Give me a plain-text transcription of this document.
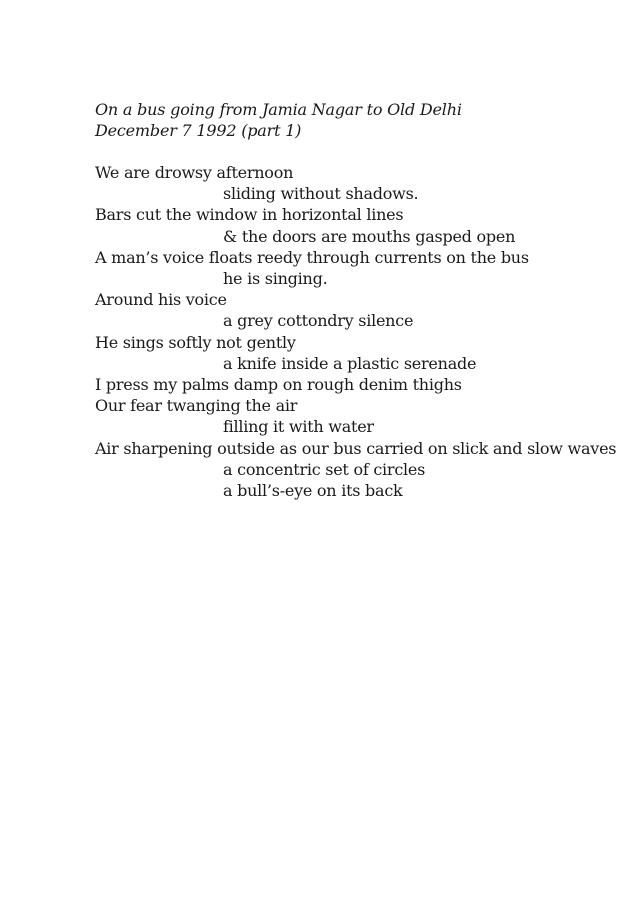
On a bus going from Jamia Nagar to Old Delhi
December 7 1992 (part 1)
We are drowsy afternoon
sliding without shadows.
Bars cut the window in horizontal lines
& the doors are mouths gasped open
A man’s voice floats reedy through currents on the bus
he is singing.
Around his voice
a grey cottondry silence
He sings softly not gently
a knife inside a plastic serenade
I press my palms damp on rough denim thighs
Our fear twanging the air
filling it with water
Air sharpening outside as our bus carried on slick and slow waves
a concentric set of circles
a bull’s-eye on its back
